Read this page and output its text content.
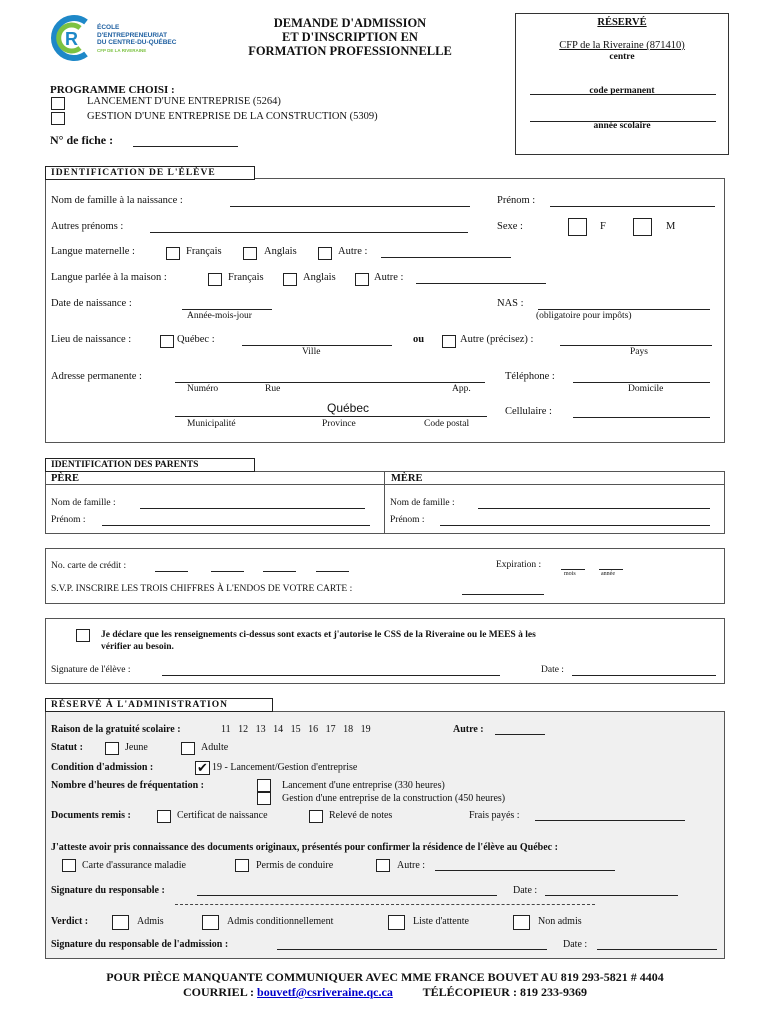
R
ÉCOLE
D'ENTREPRENEURIAT
DU CENTRE-DU-QUÉBEC
CFP DE LA RIVERAINE
DEMANDE D'ADMISSION
ET D'INSCRIPTION EN
FORMATION PROFESSIONNELLE
RÉSERVÉ
CFP de la Riveraine (871410)
centre
code permanent
année scolaire
PROGRAMME CHOISI :
LANCEMENT D'UNE ENTREPRISE (5264)
GESTION D'UNE ENTREPRISE DE LA CONSTRUCTION (5309)
N° de fiche :
IDENTIFICATION DE L'ÉLÈVE
Nom de famille à la naissance :	Prénom :
Autres prénoms :	Sexe :	F	M
Langue maternelle :	Français	Anglais	Autre :
Langue parlée à la maison :	Français	Anglais	Autre :
Date de naissance :
Année-mois-jour
NAS :
(obligatoire pour impôts)
Lieu de naissance :	Québec :
Ville
ou	Autre (précisez) :
Pays
Adresse permanente :
Numéro	Rue	App.
Téléphone :
Domicile
Québec
Municipalité	Province	Code postal
Cellulaire :
IDENTIFICATION DES PARENTS
PÈRE	MÈRE
Nom de famille :
Prénom :
Nom de famille :
Prénom :
No. carte de crédit :	Expiration :
mois	année
S.V.P. INSCRIRE LES TROIS CHIFFRES À L'ENDOS DE VOTRE CARTE :
Je déclare que les renseignements ci-dessus sont exacts et j'autorise le CSS de la Riveraine ou le MEES à les
vérifier au besoin.
Signature de l'élève :	Date :
RÉSERVÉ À L'ADMINISTRATION
Raison de la gratuité scolaire :	11   12   13   14   15   16   17   18   19	Autre :
Statut :	Jeune	Adulte
Condition d'admission :	✔ 19 - Lancement/Gestion d'entreprise
Nombre d'heures de fréquentation :	Lancement d'une entreprise (330 heures)
Gestion d'une entreprise de la construction (450 heures)
Documents remis :	Certificat de naissance	Relevé de notes	Frais payés :
J'atteste avoir pris connaissance des documents originaux, présentés pour confirmer la résidence de l'élève au Québec :
Carte d'assurance maladie	Permis de conduire	Autre :
Signature du responsable :	Date :
Verdict :	Admis	Admis conditionnellement	Liste d'attente	Non admis
Signature du responsable de l'admission :	Date :
POUR PIÈCE MANQUANTE COMMUNIQUER AVEC MME FRANCE BOUVET AU 819 293-5821 # 4404
COURRIEL : bouvetf@csriveraine.qc.ca TÉLÉCOPIEUR : 819 233-9369
